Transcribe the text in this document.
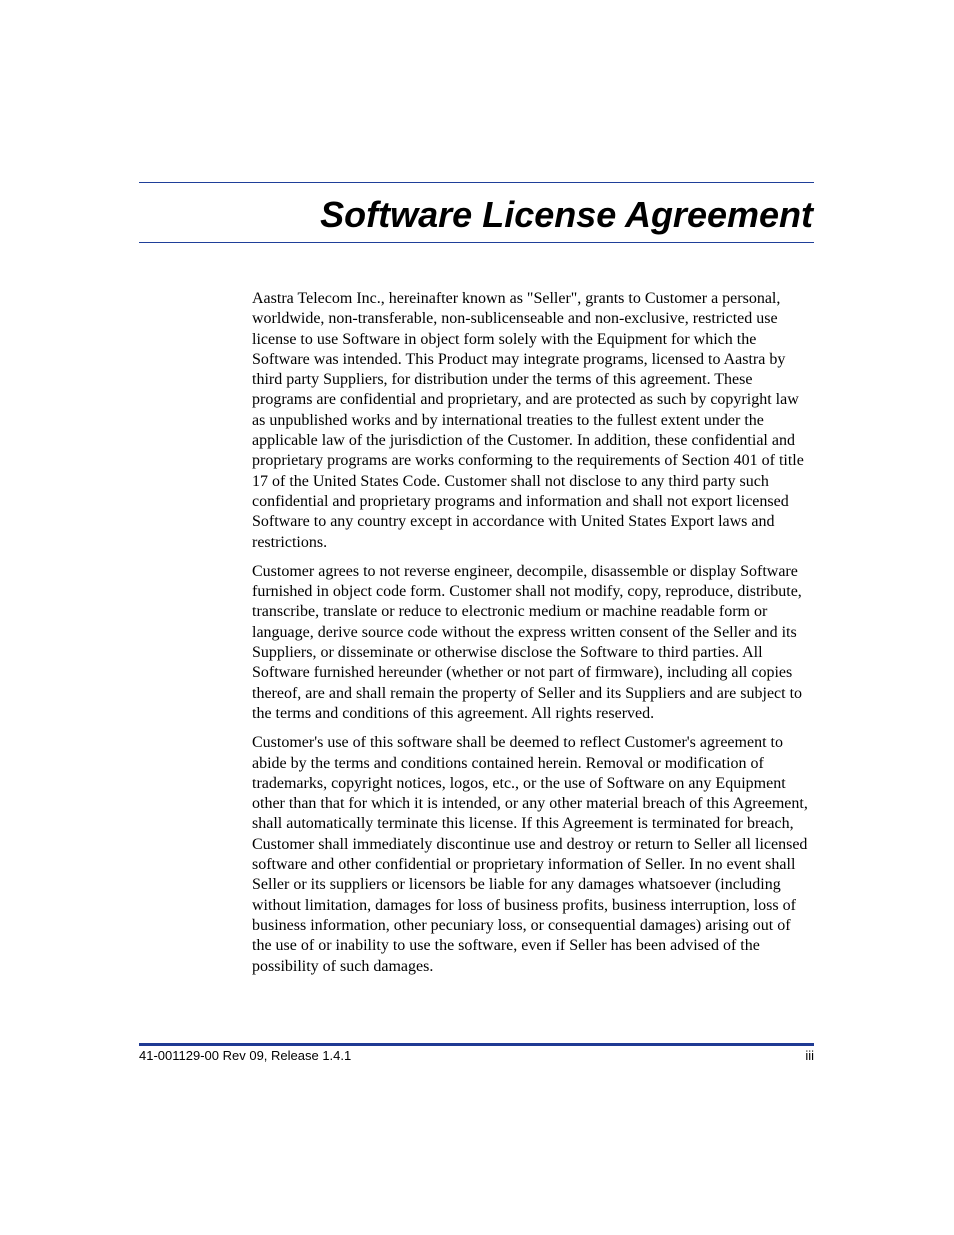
Software License Agreement

Aastra Telecom Inc., hereinafter known as "Seller", grants to Customer a personal, worldwide, non-transferable, non-sublicenseable and non-exclusive, restricted use license to use Software in object form solely with the Equipment for which the Software was intended. This Product may integrate programs, licensed to Aastra by third party Suppliers, for distribution under the terms of this agreement. These programs are confidential and proprietary, and are protected as such by copyright law as unpublished works and by international treaties to the fullest extent under the applicable law of the jurisdiction of the Customer. In addition, these confidential and proprietary programs are works conforming to the requirements of Section 401 of title 17 of the United States Code. Customer shall not disclose to any third party such confidential and proprietary programs and information and shall not export licensed Software to any country except in accordance with United States Export laws and restrictions.

Customer agrees to not reverse engineer, decompile, disassemble or display Software furnished in object code form. Customer shall not modify, copy, reproduce, distribute, transcribe, translate or reduce to electronic medium or machine readable form or language, derive source code without the express written consent of the Seller and its Suppliers, or disseminate or otherwise disclose the Software to third parties. All Software furnished hereunder (whether or not part of firmware), including all copies thereof, are and shall remain the property of Seller and its Suppliers and are subject to the terms and conditions of this agreement. All rights reserved.

Customer's use of this software shall be deemed to reflect Customer's agreement to abide by the terms and conditions contained herein. Removal or modification of trademarks, copyright notices, logos, etc., or the use of Software on any Equipment other than that for which it is intended, or any other material breach of this Agreement, shall automatically terminate this license. If this Agreement is terminated for breach, Customer shall immediately discontinue use and destroy or return to Seller all licensed software and other confidential or proprietary information of Seller. In no event shall Seller or its suppliers or licensors be liable for any damages whatsoever (including without limitation, damages for loss of business profits, business interruption, loss of business information, other pecuniary loss, or consequential damages) arising out of the use of or inability to use the software, even if Seller has been advised of the possibility of such damages.

41-001129-00 Rev 09, Release 1.4.1	iii
